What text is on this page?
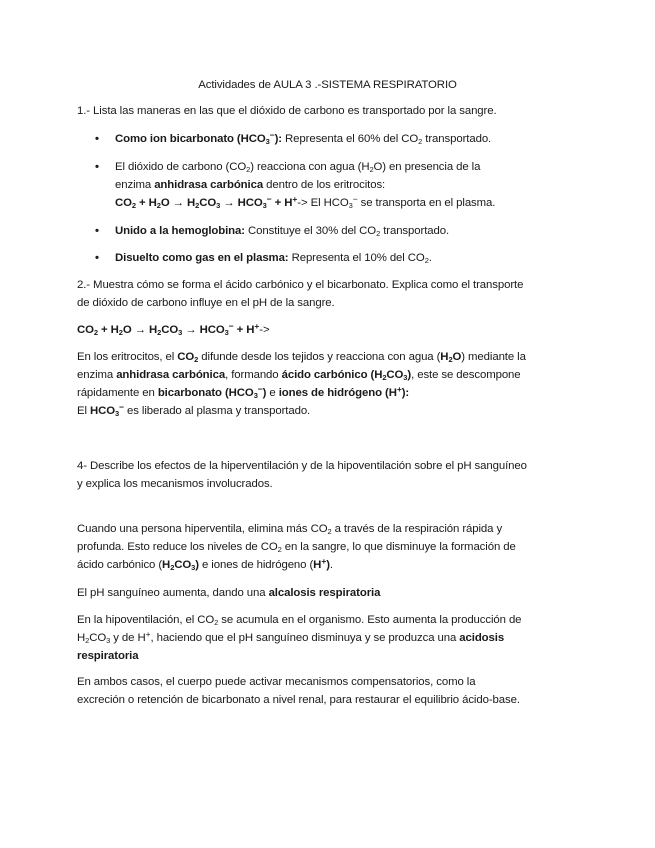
Actividades de AULA 3 .-SISTEMA RESPIRATORIO
1.- Lista las maneras en las que el dióxido de carbono es transportado por la sangre.
• Como ion bicarbonato (HCO3−): Representa el 60% del $CO_2$ transportado.
• El dióxido de carbono $(CO_2)$ reacciona con agua $(H_2O)$ en presencia de la
enzima anhidrasa carbónica dentro de los eritrocitos:
$CO_2 + H_2O \to H_2CO_3 \to HCO_3^- + H^+-> El$ $HCO_3^-$ se transporta en el plasma.
• Unido a la hemoglobina: Constituye el 30% del $CO_2$ transportado.
• Disuelto como gas en el plasma: Representa el 10% del $CO_2$.
2.- Muestra cómo se forma el ácido carbónico y el bicarbonato. Explica como el transporte
de dióxido de carbono influye en el pH de la sangre.
$CO_2 + H_2O \to H_2CO_3 \to HCO_3^- + H^+->$
En los eritrocitos, el $CO_2$ difunde desde los tejidos y reacciona con agua $(H_2O)$ mediante la
enzima anhidrasa carbónica, formando ácido carbónico $(H_2CO_3)$, este se descompone
rápidamente en bicarbonato $(HCO_3^-)$ e iones de hidrógeno (H+):
El $HCO_3^-$ es liberado al plasma y transportado.
4- Describe los efectos de la hiperventilación y de la hipoventilación sobre el pH sanguíneo
y explica los mecanismos involucrados.
Cuando una persona hiperventila, elimina más $CO_2$ a través de la respiración rápida y
profunda. Esto reduce los niveles de $CO_2$ en la sangre, lo que disminuye la formación de
ácido carbónico $(H_2CO_3)$ e iones de hidrógeno (H+).
El pH sanguíneo aumenta, dando una alcalosis respiratoria
En la hipoventilación, el $CO_2$ se acumula en el organismo. Esto aumenta la producción de
$H_2CO_3$ y de H+, haciendo que el pH sanguíneo disminuya y se produzca una acidosis
respiratoria
En ambos casos, el cuerpo puede activar mecanismos compensatorios, como la
excreción o retención de bicarbonato a nivel renal, para restaurar el equilibrio ácido-base.
